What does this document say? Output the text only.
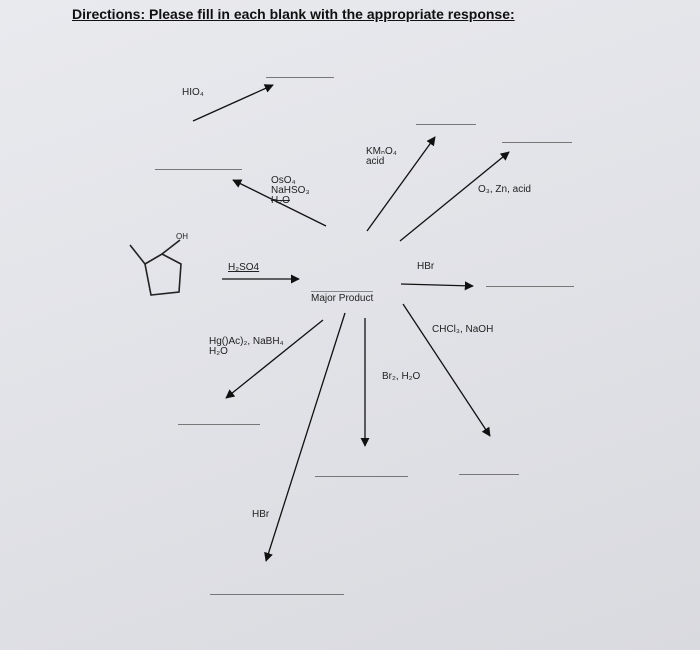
Directions: Please fill in each blank with the appropriate response:
OH
Major Product
HIO₄
OsO₄
NaHSO₃
H₂O
KMₙO₄
acid
O₃, Zn, acid
H₂SO4	HBr
CHCl₃, NaOH
Hg()Ac)₂, NaBH₄
H₂O
Br₂, H₂O
HBr
